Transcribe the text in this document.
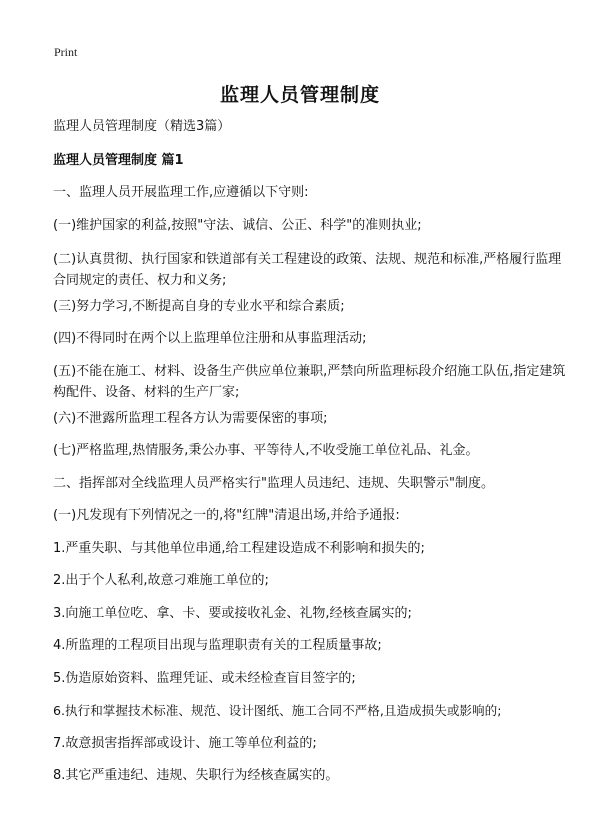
Print
监理人员管理制度
监理人员管理制度（精选3篇）
监理人员管理制度 篇1
一、监理人员开展监理工作,应遵循以下守则:
(一)维护国家的利益,按照"守法、诚信、公正、科学"的准则执业;
(二)认真贯彻、执行国家和铁道部有关工程建设的政策、法规、规范和标准,严格履行监理合同规定的责任、权力和义务;
(三)努力学习,不断提高自身的专业水平和综合素质;
(四)不得同时在两个以上监理单位注册和从事监理活动;
(五)不能在施工、材料、设备生产供应单位兼职,严禁向所监理标段介绍施工队伍,指定建筑构配件、设备、材料的生产厂家;
(六)不泄露所监理工程各方认为需要保密的事项;
(七)严格监理,热情服务,秉公办事、平等待人,不收受施工单位礼品、礼金。
二、指挥部对全线监理人员严格实行"监理人员违纪、违规、失职警示"制度。
(一)凡发现有下列情况之一的,将"红牌"清退出场,并给予通报:
1.严重失职、与其他单位串通,给工程建设造成不利影响和损失的;
2.出于个人私利,故意刁难施工单位的;
3.向施工单位吃、拿、卡、要或接收礼金、礼物,经核查属实的;
4.所监理的工程项目出现与监理职责有关的工程质量事故;
5.伪造原始资料、监理凭证、或未经检查盲目签字的;
6.执行和掌握技术标准、规范、设计图纸、施工合同不严格,且造成损失或影响的;
7.故意损害指挥部或设计、施工等单位利益的;
8.其它严重违纪、违规、失职行为经核查属实的。
